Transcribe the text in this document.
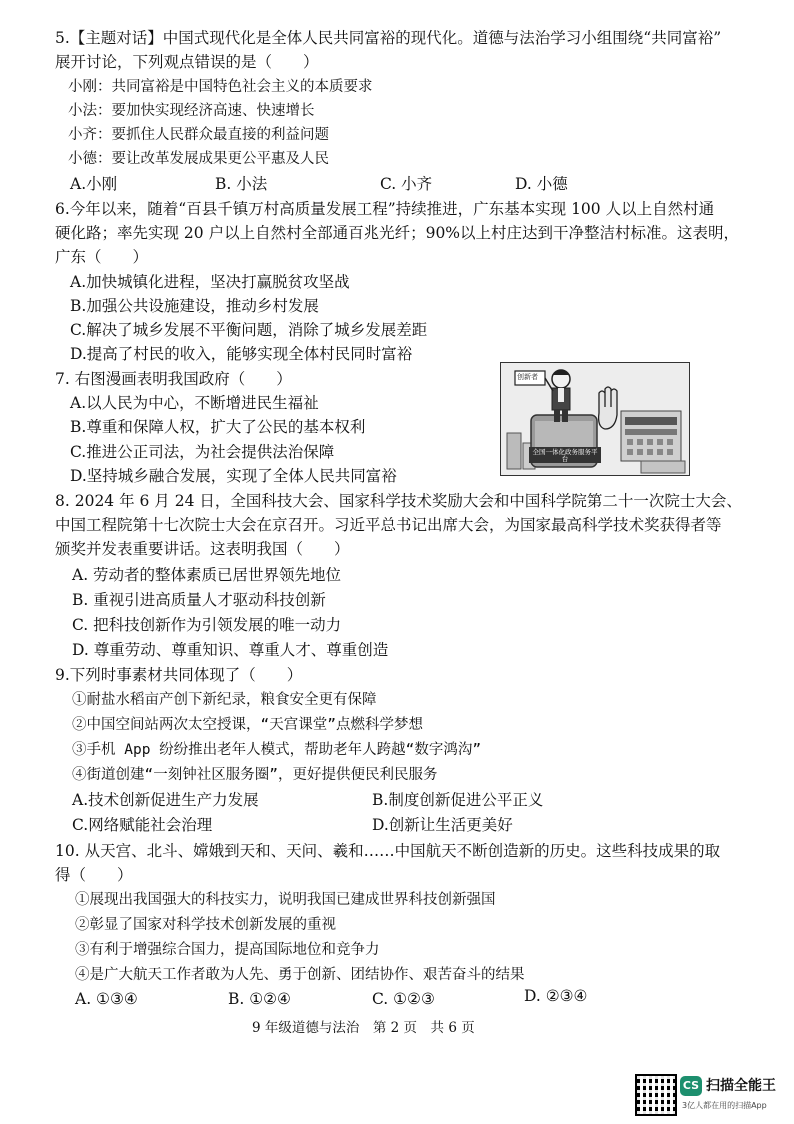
5.【主题对话】中国式现代化是全体人民共同富裕的现代化。道德与法治学习小组围绕“共同富裕”
展开讨论，下列观点错误的是（　　）
小刚：共同富裕是中国特色社会主义的本质要求
小法：要加快实现经济高速、快速增长
小齐：要抓住人民群众最直接的利益问题
小德：要让改革发展成果更公平惠及人民
A.小刚	B. 小法	C. 小齐	D. 小德
6.今年以来，随着“百县千镇万村高质量发展工程”持续推进，广东基本实现 100 人以上自然村通
硬化路；率先实现 20 户以上自然村全部通百兆光纤；90%以上村庄达到干净整洁村标准。这表明，
广东（　　）
A.加快城镇化进程，坚决打赢脱贫攻坚战
B.加强公共设施建设，推动乡村发展
C.解决了城乡发展不平衡问题，消除了城乡发展差距
D.提高了村民的收入，能够实现全体村民同时富裕
7. 右图漫画表明我国政府（　　）
A.以人民为中心，不断增进民生福祉
B.尊重和保障人权，扩大了公民的基本权利
C.推进公正司法，为社会提供法治保障
D.坚持城乡融合发展，实现了全体人民共同富裕
创新者
全国一体化政务服务平台
8. 2024 年 6 月 24 日，全国科技大会、国家科学技术奖励大会和中国科学院第二十一次院士大会、
中国工程院第十七次院士大会在京召开。习近平总书记出席大会，为国家最高科学技术奖获得者等
颁奖并发表重要讲话。这表明我国（　　）
A. 劳动者的整体素质已居世界领先地位
B. 重视引进高质量人才驱动科技创新
C. 把科技创新作为引领发展的唯一动力
D. 尊重劳动、尊重知识、尊重人才、尊重创造
9.下列时事素材共同体现了（　　）
①耐盐水稻亩产创下新纪录，粮食安全更有保障
②中国空间站两次太空授课，“天宫课堂”点燃科学梦想
③手机 App 纷纷推出老年人模式，帮助老年人跨越“数字鸿沟”
④街道创建“一刻钟社区服务圈”，更好提供便民利民服务
A.技术创新促进生产力发展	B.制度创新促进公平正义
C.网络赋能社会治理	D.创新让生活更美好
10. 从天宫、北斗、嫦娥到天和、天问、羲和……中国航天不断创造新的历史。这些科技成果的取
得（　　）
①展现出我国强大的科技实力，说明我国已建成世界科技创新强国
②彰显了国家对科学技术创新发展的重视
③有利于增强综合国力，提高国际地位和竞争力
④是广大航天工作者敢为人先、勇于创新、团结协作、艰苦奋斗的结果
A. ①③④	B. ①②④	C. ①②③	D. ②③④
9 年级道德与法治　第 2 页　共 6 页
CS 扫描全能王
3亿人都在用的扫描App
